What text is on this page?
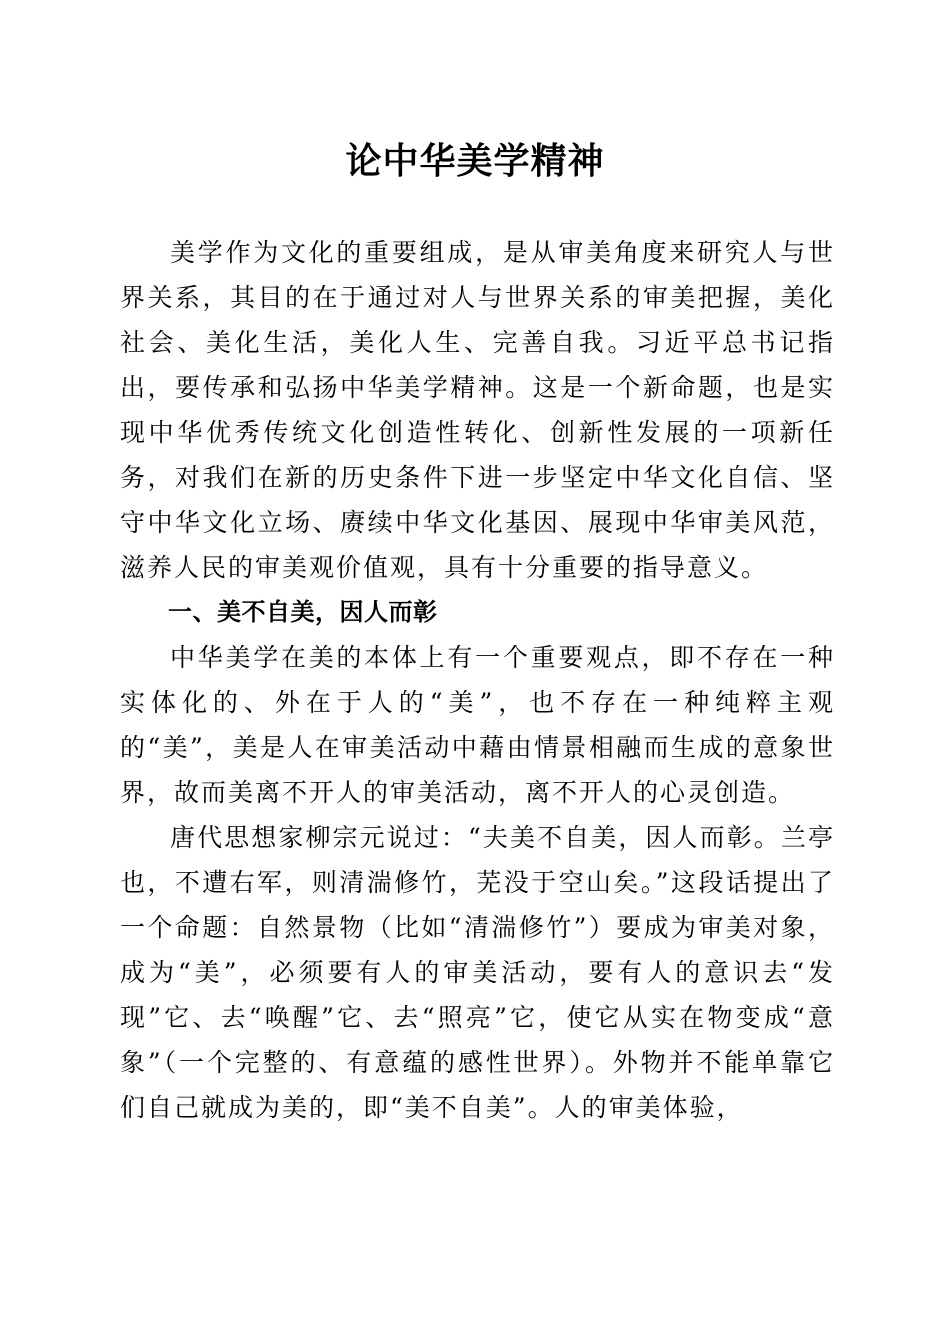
论中华美学精神

美学作为文化的重要组成，是从审美角度来研究人与世界关系，其目的在于通过对人与世界关系的审美把握，美化社会、美化生活，美化人生、完善自我。习近平总书记指出，要传承和弘扬中华美学精神。这是一个新命题，也是实现中华优秀传统文化创造性转化、创新性发展的一项新任务，对我们在新的历史条件下进一步坚定中华文化自信、坚守中华文化立场、赓续中华文化基因、展现中华审美风范，滋养人民的审美观价值观，具有十分重要的指导意义。

一、美不自美，因人而彰

中华美学在美的本体上有一个重要观点，即不存在一种实体化的、外在于人的“美”，也不存在一种纯粹主观的“美”，美是人在审美活动中藉由情景相融而生成的意象世界，故而美离不开人的审美活动，离不开人的心灵创造。

唐代思想家柳宗元说过：“夫美不自美，因人而彰。兰亭也，不遭右军，则清湍修竹，芜没于空山矣。”这段话提出了一个命题：自然景物（比如“清湍修竹”）要成为审美对象，成为“美”，必须要有人的审美活动，要有人的意识去“发现”它、去“唤醒”它、去“照亮”它，使它从实在物变成“意象”（一个完整的、有意蕴的感性世界）。外物并不能单靠它们自己就成为美的，即“美不自美”。人的审美体验，
